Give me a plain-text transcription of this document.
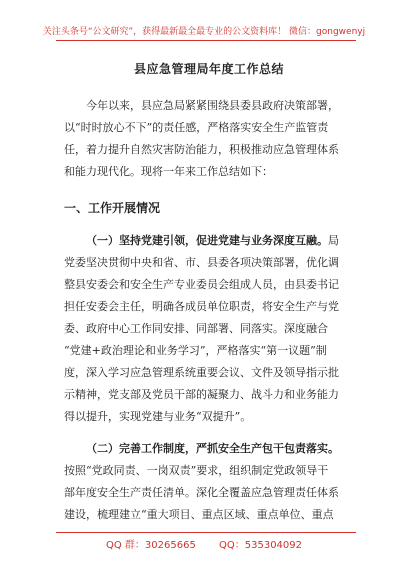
关注头条号“公文研究”，获得最新最全最专业的公文资料库！ 微信：gongwenyj
县应急管理局年度工作总结
今年以来，县应急局紧紧围绕县委县政府决策部署，
以“时时放心不下”的责任感，严格落实安全生产监管责
任，着力提升自然灾害防治能力，积极推动应急管理体系
和能力现代化。现将一年来工作总结如下：
一、工作开展情况
（一）坚持党建引领，促进党建与业务深度互融。局
党委坚决贯彻中央和省、市、县委各项决策部署，优化调
整县安委会和安全生产专业委员会组成人员，由县委书记
担任安委会主任，明确各成员单位职责，将安全生产与党
委、政府中心工作同安排、同部署、同落实。深度融合
“党建+政治理论和业务学习”，严格落实“第一议题”制
度，深入学习应急管理系统重要会议、文件及领导指示批
示精神，党支部及党员干部的凝聚力、战斗力和业务能力
得以提升，实现党建与业务“双提升”。
（二）完善工作制度，严抓安全生产包干包责落实。
按照“党政同责、一岗双责”要求，组织制定党政领导干
部年度安全生产责任清单。深化全覆盖应急管理责任体系
建设，梳理建立“重大项目、重点区域、重点单位、重点
QQ 群：30265665 QQ：535304092
